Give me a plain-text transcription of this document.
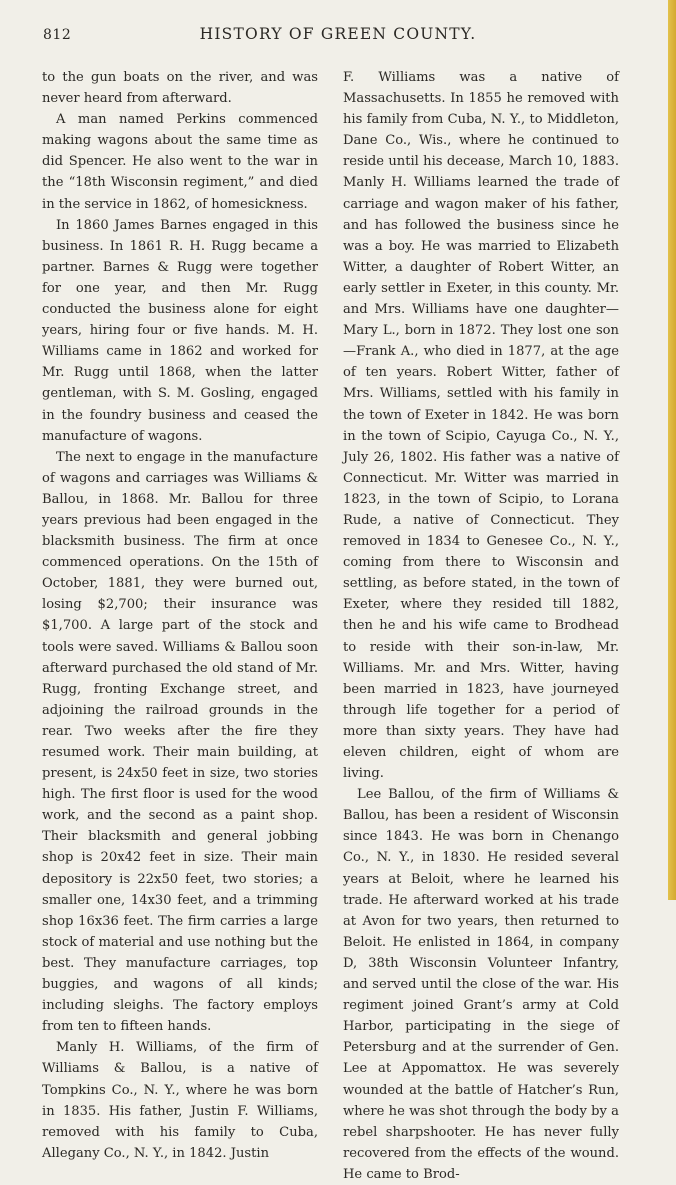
812	HISTORY OF GREEN COUNTY.

to the gun boats on the river, and was never heard from afterward.

A man named Perkins commenced making wagons about the same time as did Spencer. He also went to the war in the “18th Wisconsin regiment,” and died in the service in 1862, of homesickness.

In 1860 James Barnes engaged in this business. In 1861 R. H. Rugg became a partner. Barnes & Rugg were together for one year, and then Mr. Rugg conducted the business alone for eight years, hiring four or five hands. M. H. Williams came in 1862 and worked for Mr. Rugg until 1868, when the latter gentleman, with S. M. Gosling, engaged in the foundry business and ceased the manufacture of wagons.

The next to engage in the manufacture of wagons and carriages was Williams & Ballou, in 1868. Mr. Ballou for three years previous had been engaged in the blacksmith business. The firm at once commenced operations. On the 15th of October, 1881, they were burned out, losing $2,700; their insurance was $1,700. A large part of the stock and tools were saved. Williams & Ballou soon afterward purchased the old stand of Mr. Rugg, fronting Exchange street, and adjoining the railroad grounds in the rear. Two weeks after the fire they resumed work. Their main building, at present, is 24x50 feet in size, two stories high. The first floor is used for the wood work, and the second as a paint shop. Their blacksmith and general jobbing shop is 20x42 feet in size. Their main depository is 22x50 feet, two stories; a smaller one, 14x30 feet, and a trimming shop 16x36 feet. The firm carries a large stock of material and use nothing but the best. They manufacture carriages, top buggies, and wagons of all kinds; including sleighs. The factory employs from ten to fifteen hands.

Manly H. Williams, of the firm of Williams & Ballou, is a native of Tompkins Co., N. Y., where he was born in 1835. His father, Justin F. Williams, removed with his family to Cuba, Allegany Co., N. Y., in 1842. Justin

F. Williams was a native of Massachusetts. In 1855 he removed with his family from Cuba, N. Y., to Middleton, Dane Co., Wis., where he continued to reside until his decease, March 10, 1883. Manly H. Williams learned the trade of carriage and wagon maker of his father, and has followed the business since he was a boy. He was married to Elizabeth Witter, a daughter of Robert Witter, an early settler in Exeter, in this county. Mr. and Mrs. Williams have one daughter—Mary L., born in 1872. They lost one son—Frank A., who died in 1877, at the age of ten years. Robert Witter, father of Mrs. Williams, settled with his family in the town of Exeter in 1842. He was born in the town of Scipio, Cayuga Co., N. Y., July 26, 1802. His father was a native of Connecticut. Mr. Witter was married in 1823, in the town of Scipio, to Lorana Rude, a native of Connecticut. They removed in 1834 to Genesee Co., N. Y., coming from there to Wisconsin and settling, as before stated, in the town of Exeter, where they resided till 1882, then he and his wife came to Brodhead to reside with their son-in-law, Mr. Williams. Mr. and Mrs. Witter, having been married in 1823, have journeyed through life together for a period of more than sixty years. They have had eleven children, eight of whom are living.

Lee Ballou, of the firm of Williams & Ballou, has been a resident of Wisconsin since 1843. He was born in Chenango Co., N. Y., in 1830. He resided several years at Beloit, where he learned his trade. He afterward worked at his trade at Avon for two years, then returned to Beloit. He enlisted in 1864, in company D, 38th Wisconsin Volunteer Infantry, and served until the close of the war. His regiment joined Grant’s army at Cold Harbor, participating in the siege of Petersburg and at the surrender of Gen. Lee at Appomattox. He was severely wounded at the battle of Hatcher’s Run, where he was shot through the body by a rebel sharpshooter. He has never fully recovered from the effects of the wound. He came to Brod-
